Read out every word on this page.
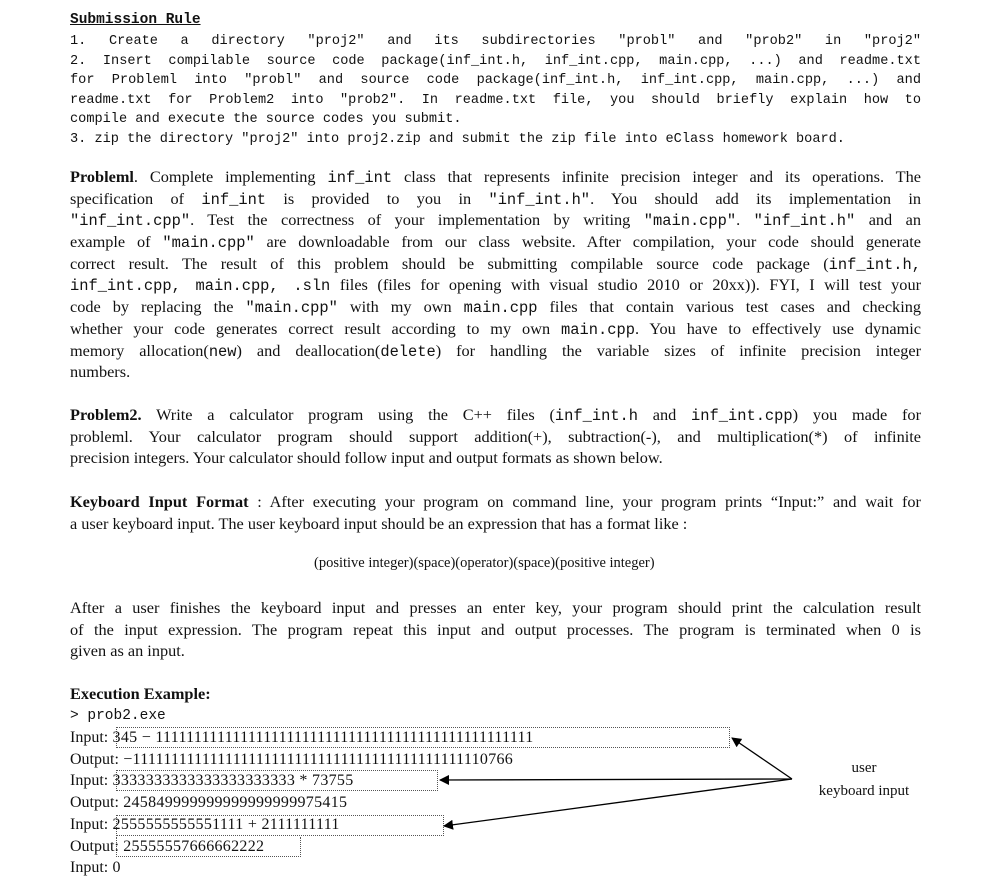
Submission Rule
1. Create a directory "proj2" and its subdirectories "probl" and "prob2" in "proj2"
2. Insert compilable source code package(inf_int.h, inf_int.cpp, main.cpp, ...) and readme.txt
for Probleml into "probl" and source code package(inf_int.h, inf_int.cpp, main.cpp, ...) and
readme.txt for Problem2 into "prob2". In readme.txt file, you should briefly explain how to
compile and execute the source codes you submit.
3. zip the directory "proj2" into proj2.zip and submit the zip file into eClass homework board.
Probleml. Complete implementing inf_int class that represents infinite precision integer and its operations. The
specification of inf_int is provided to you in "inf_int.h". You should add its implementation in
"inf_int.cpp". Test the correctness of your implementation by writing "main.cpp". "inf_int.h" and an
example of "main.cpp" are downloadable from our class website. After compilation, your code should generate
correct result. The result of this problem should be submitting compilable source code package (inf_int.h,
inf_int.cpp, main.cpp, .sln files (files for opening with visual studio 2010 or 20xx)). FYI, I will test your
code by replacing the "main.cpp" with my own main.cpp files that contain various test cases and checking
whether your code generates correct result according to my own main.cpp. You have to effectively use dynamic
memory allocation(new) and deallocation(delete) for handling the variable sizes of infinite precision integer
numbers.
Problem2. Write a calculator program using the C++ files (inf_int.h and inf_int.cpp) you made for
probleml. Your calculator program should support addition(+), subtraction(-), and multiplication(*) of infinite
precision integers. Your calculator should follow input and output formats as shown below.
Keyboard Input Format : After executing your program on command line, your program prints “Input:” and wait for
a user keyboard input. The user keyboard input should be an expression that has a format like :
(positive integer)(space)(operator)(space)(positive integer)
After a user finishes the keyboard input and presses an enter key, your program should print the calculation result
of the input expression. The program repeat this input and output processes. The program is terminated when 0 is
given as an input.
Execution Example:
> prob2.exe
Input: 345 − 1111111111111111111111111111111111111111111111111
Output: −1111111111111111111111111111111111111111111110766
Input: 3333333333333333333333 * 73755
Output: 245849999999999999999975415
Input: 2555555555551111 + 2111111111
Output: 25555557666662222
Input: 0
user
keyboard input
